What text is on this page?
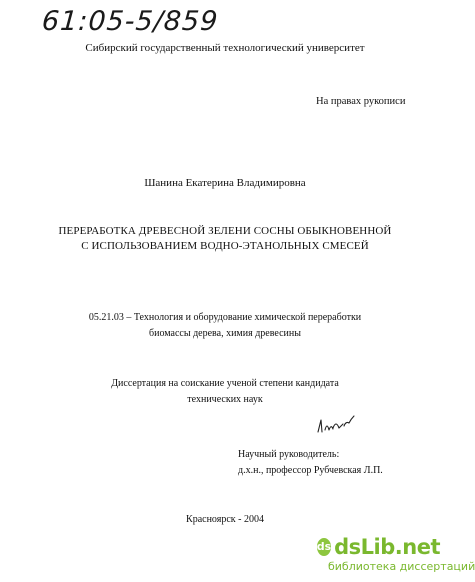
61:05-5/859
Сибирский государственный технологический университет
На правах рукописи
Шанина Екатерина Владимировна
ПЕРЕРАБОТКА ДРЕВЕСНОЙ ЗЕЛЕНИ СОСНЫ ОБЫКНОВЕННОЙ
С ИСПОЛЬЗОВАНИЕМ ВОДНО-ЭТАНОЛЬНЫХ СМЕСЕЙ
05.21.03 – Технология и оборудование химической переработки
биомассы дерева, химия древесины
Диссертация на соискание ученой степени кандидата
технических наук
Научный руководитель:
д.х.н., профессор Рубчевская Л.П.
Красноярск - 2004
ds dsLib.net
библиотека диссертаций
